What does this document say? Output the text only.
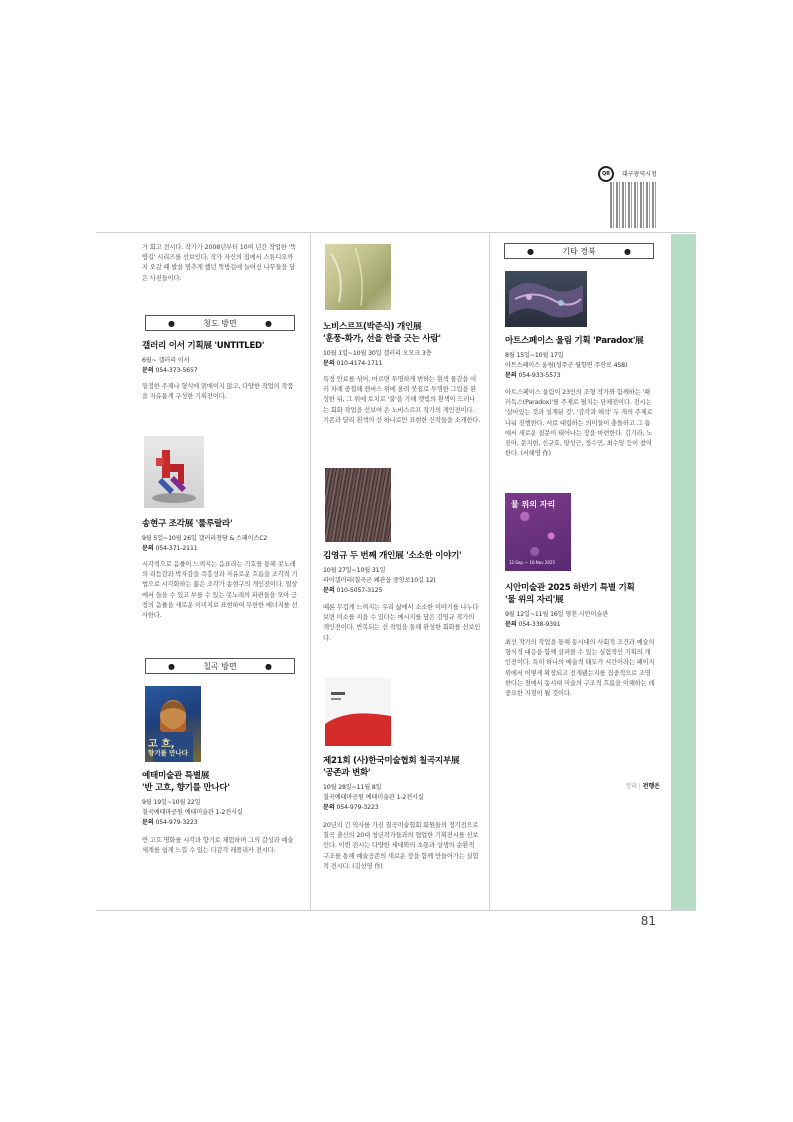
QR	대구광역시청
가 회고 전시다. 작가가 2008년부터 10여 년간 작업한 '뚝방길' 시리즈를 선보인다. 작가 자신의 집에서 스튜디오까지 오갈 때 발을 멈추게 했던 뚝방길에 늘어선 나무들을 담은 사진들이다.
●	청도 방면	●
갤러리 이서 기획展 'UNTITLED'
6월~ 갤러리 이서
문의 054-373-5657
일정한 주제나 형식에 얽매이지 않고, 다양한 작업의 작품을 자유롭게 구성한 기획전이다.
송현구 조각展 '룰루랄라'
9월 5일~10월 26일 갤러리청담 & 스페이스C2
문의 054-371-2111
시각적으로 음률이 느껴지는 음표라는 기호를 통해 콧노래의 리듬감과 박자감을 즉흥성과 자유로운 흐름을 조각적 기법으로 시각화하는 젊은 조각가 송현구의 개인전이다. 일상에서 들을 수 있고 부를 수 있는 콧노래의 파편들을 모아 긍정의 음률을 새로운 이미지로 표현하여 무한한 에너지를 선사한다.
●	칠곡 방면	●
고 흐,
향기를 만나다
예태미술관 특별展
'반 고흐, 향기를 만나다'
9월 19일~10월 22일
칠곡예태마공원 예태미술관 1-2전시실
문의 054-979-3223
반 고흐 명화를 시각과 향기로 체험하며 그의 감성과 예술세계를 쉽게 느낄 수 있는 다감각 레플리카 전시다.
노비스르프(박준식) 개인展
'훈풍-화가, 선을 한줄 긋는 사람'
10월 1일~10월 30일 갤러리 오모크 3층
문의 010-4174-1711
특정 안료를 섞어, 마르면 투명하게 변하는 흰색 물감을 여러 차례 중첩해 캔버스 위에 올려 붓질로 투명한 그림을 완성한 뒤, 그 위에 토치로 '불'을 가해 캣빛의 흰색이 드러나는 회화 작업을 선보여 온 노비스르프 작가의 개인전이다. 기존과 달리 흰색의 선 하나로만 표현한 신작들을 소개한다.
김영규 두 번째 개인展 '소소한 이야기'
10월 27일~10월 31일
파이갤러리(칠곡군 왜관읍 중앙로10길 12)
문의 010-5057-3125
때론 무겁게 느껴지는 우리 삶에서 소소한 이야기를 나누다 보면 미소를 지을 수 있다는 메시지를 담은 김영규 작가의 개인전이다. 반복되는 선 작업을 통해 완성한 회화를 선보인다.
제21회 (사)한국미술협회 칠곡지부展
'공존과 변화'
10월 28일~11월 8일
칠곡예태마공원 예태미술관 1-2전시실
문의 054-979-3223
20년의 긴 역사를 가진 칠곡미술협회 회원들의 정기전으로 칠곡 출신의 20대 청년작가들과의 협업한 기획전시를 선보인다. 이번 전시는 다양한 세대와의 소통과 상생의 순환적 구조를 통해 예술공존의 새로운 장을 함께 만들어가는 실험적 전시다. (김선영 作)
●	기타 경북	●
아트스페이스 울림 기획 'Paradox'展
8월 15일~10월 17일
아트스페이스 울림(성주군 월항면 주산로 458)
문의 054-933-5573
아트스페이스 울림이 23인의 조형 작가와 함께하는 '패러독스(Paradox)'를 주제로 펼치는 단체전이다. 전시는 '살아있는 것과 설계된 것', '감각과 해석' 두 개의 주제로 나눠 진행한다. 서로 대립하는 의미들이 충돌하고 그 틈에서 새로운 질문이 태어나는 장을 마련한다. 김기라, 노진아, 문지현, 신규호, 양성근, 정수민, 최수앙 등이 참여한다. (서혜영 作)
물 위의 자리
12.Sep — 16.Nov 2025
시안미술관 2025 하반기 특별 기획
'물 위의 자리'展
9월 12일~11월 16일 영천 시안미술관
문의 054-338-9391
최선 작가의 작업을 통해 동시대의 사회적 조건과 예술의 형식적 대응을 함께 살펴볼 수 있는 실험적인 기획의 개인전이다. 특히 하나의 예술적 태도가 시간이라는 페이지 위에서 어떻게 확장되고 전개됐는지를 집중적으로 조명한다는 점에서 동시대 미술의 구조적 흐름을 이해하는 데 중요한 지점이 될 것이다.
정리 | 전행은
81
